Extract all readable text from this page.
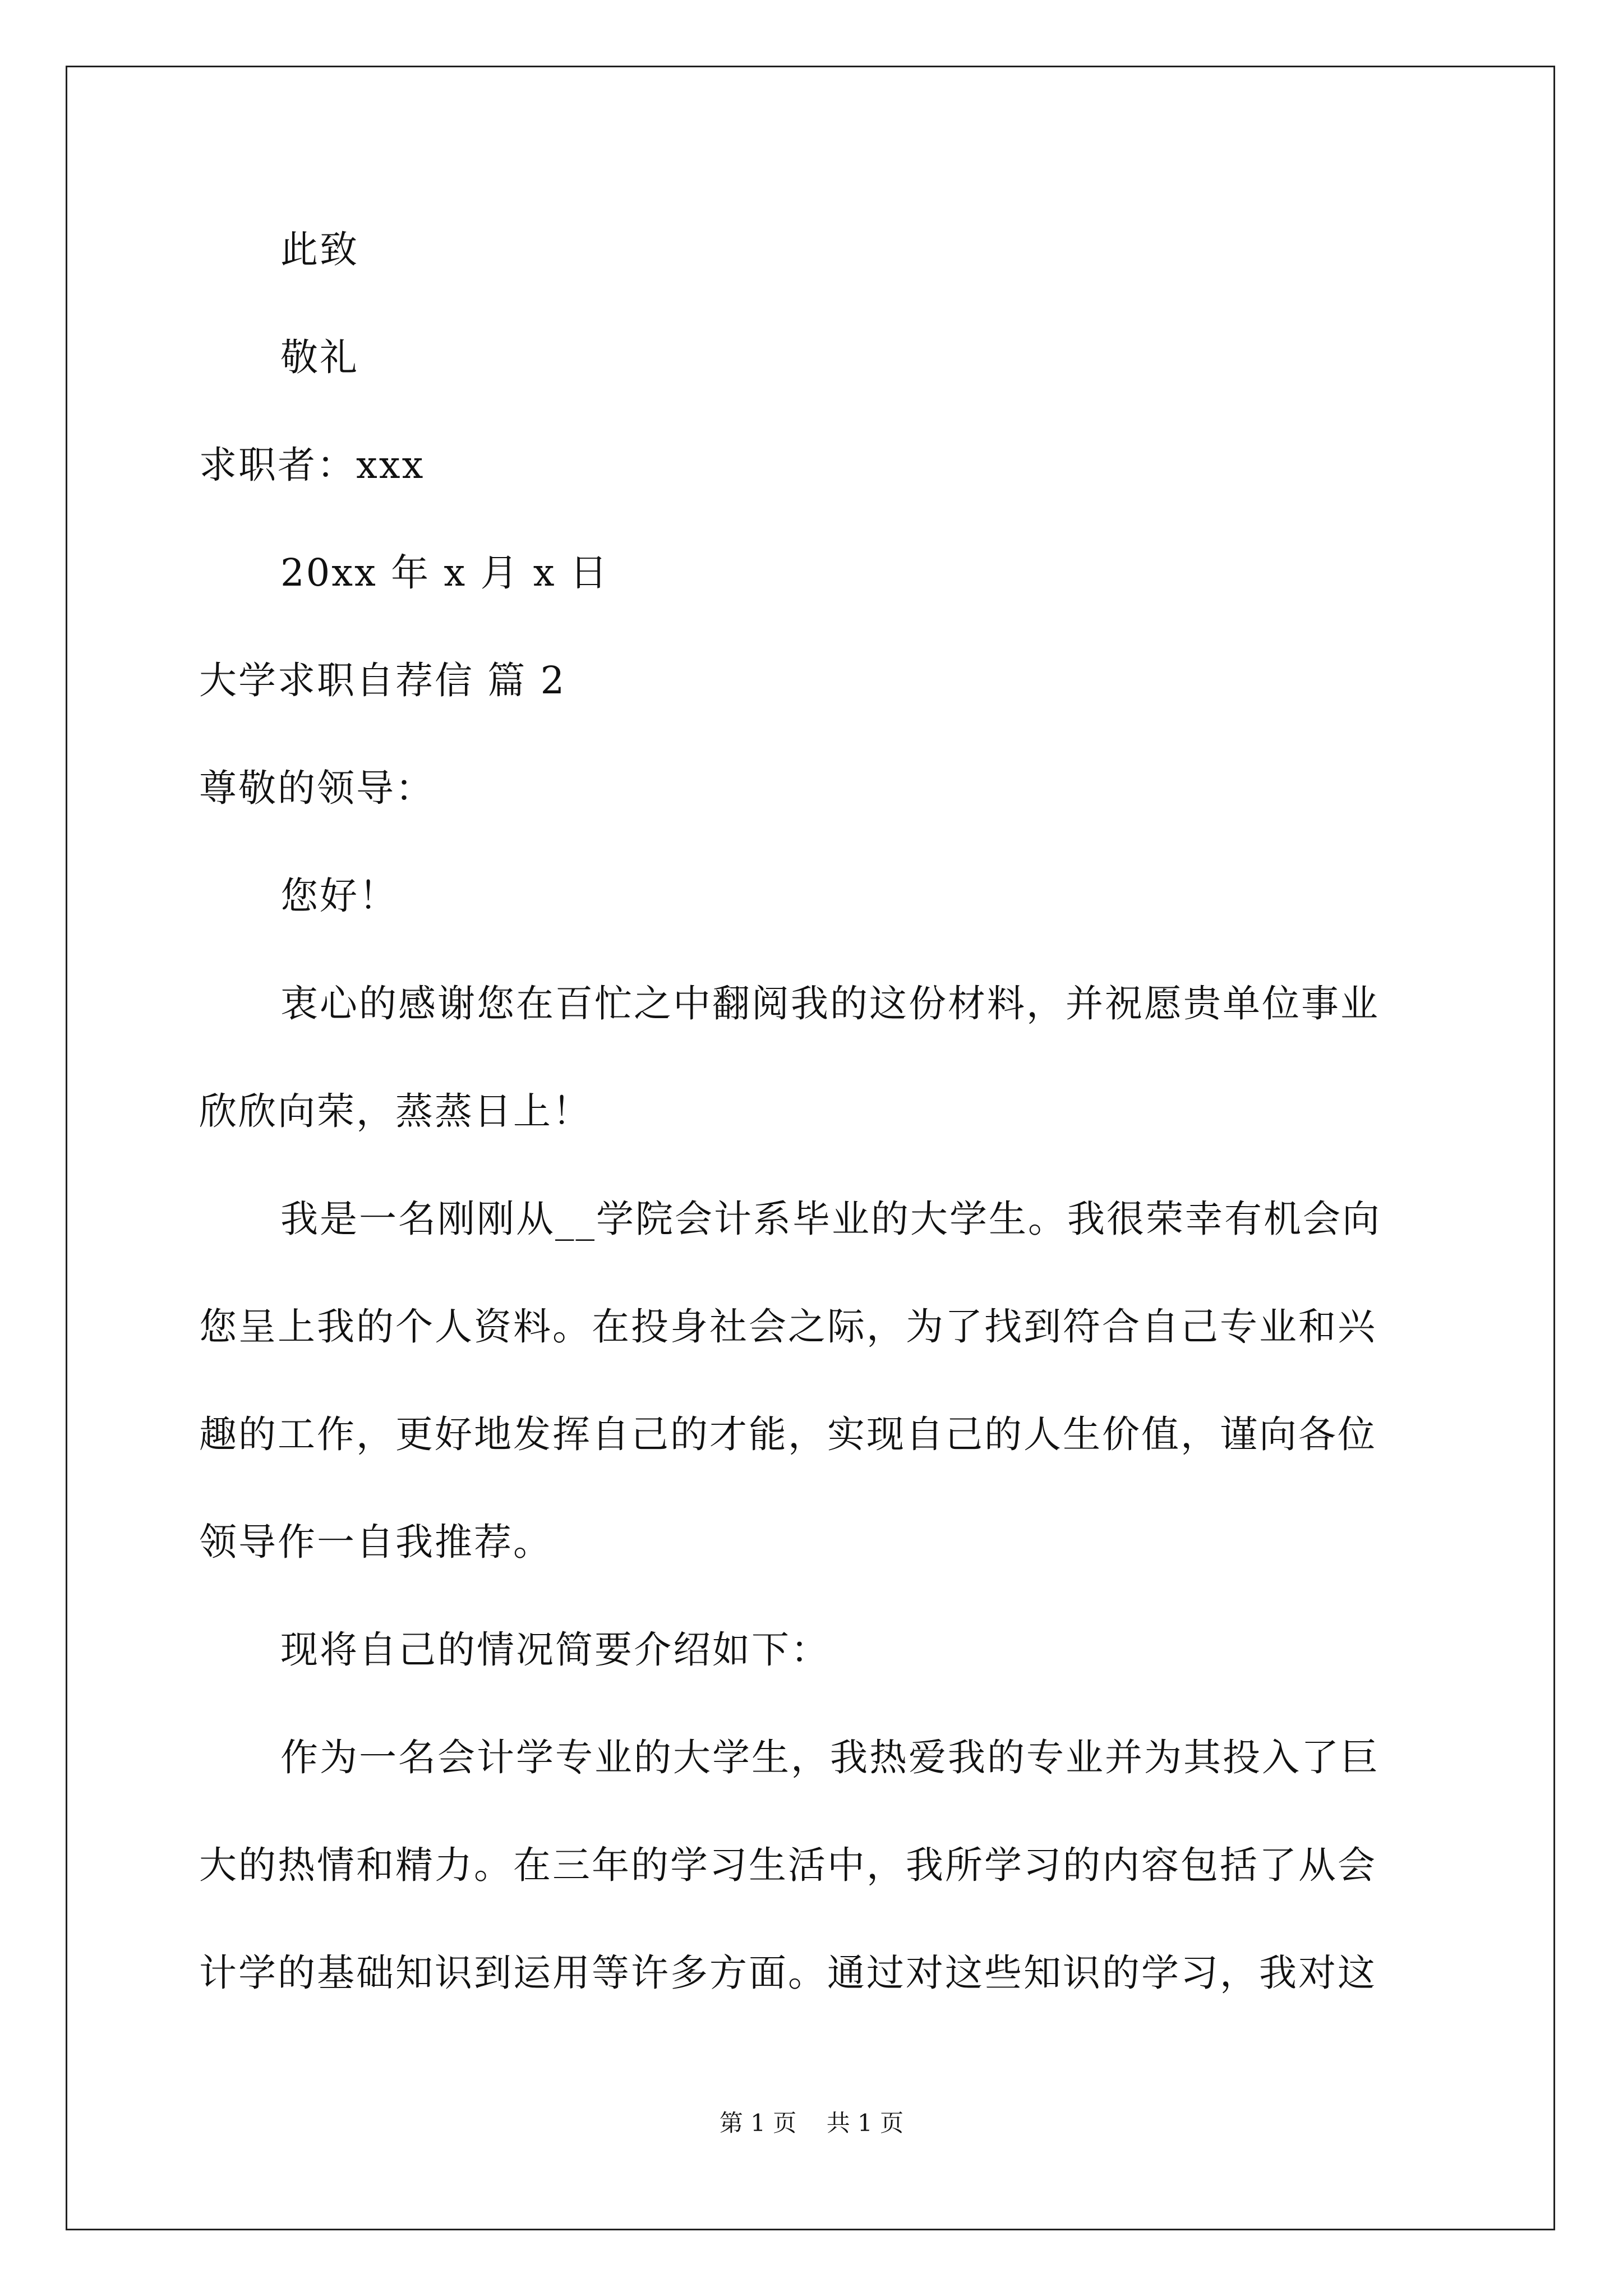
此致
敬礼
求职者：xxx
20xx 年 x 月 x 日
大学求职自荐信 篇 2
尊敬的领导：
您好！
衷心的感谢您在百忙之中翻阅我的这份材料，并祝愿贵单位事业
欣欣向荣，蒸蒸日上！
我是一名刚刚从__学院会计系毕业的大学生。我很荣幸有机会向
您呈上我的个人资料。在投身社会之际，为了找到符合自己专业和兴
趣的工作，更好地发挥自己的才能，实现自己的人生价值，谨向各位
领导作一自我推荐。
现将自己的情况简要介绍如下：
作为一名会计学专业的大学生，我热爱我的专业并为其投入了巨
大的热情和精力。在三年的学习生活中，我所学习的内容包括了从会
计学的基础知识到运用等许多方面。通过对这些知识的学习，我对这
第 1 页    共 1 页
